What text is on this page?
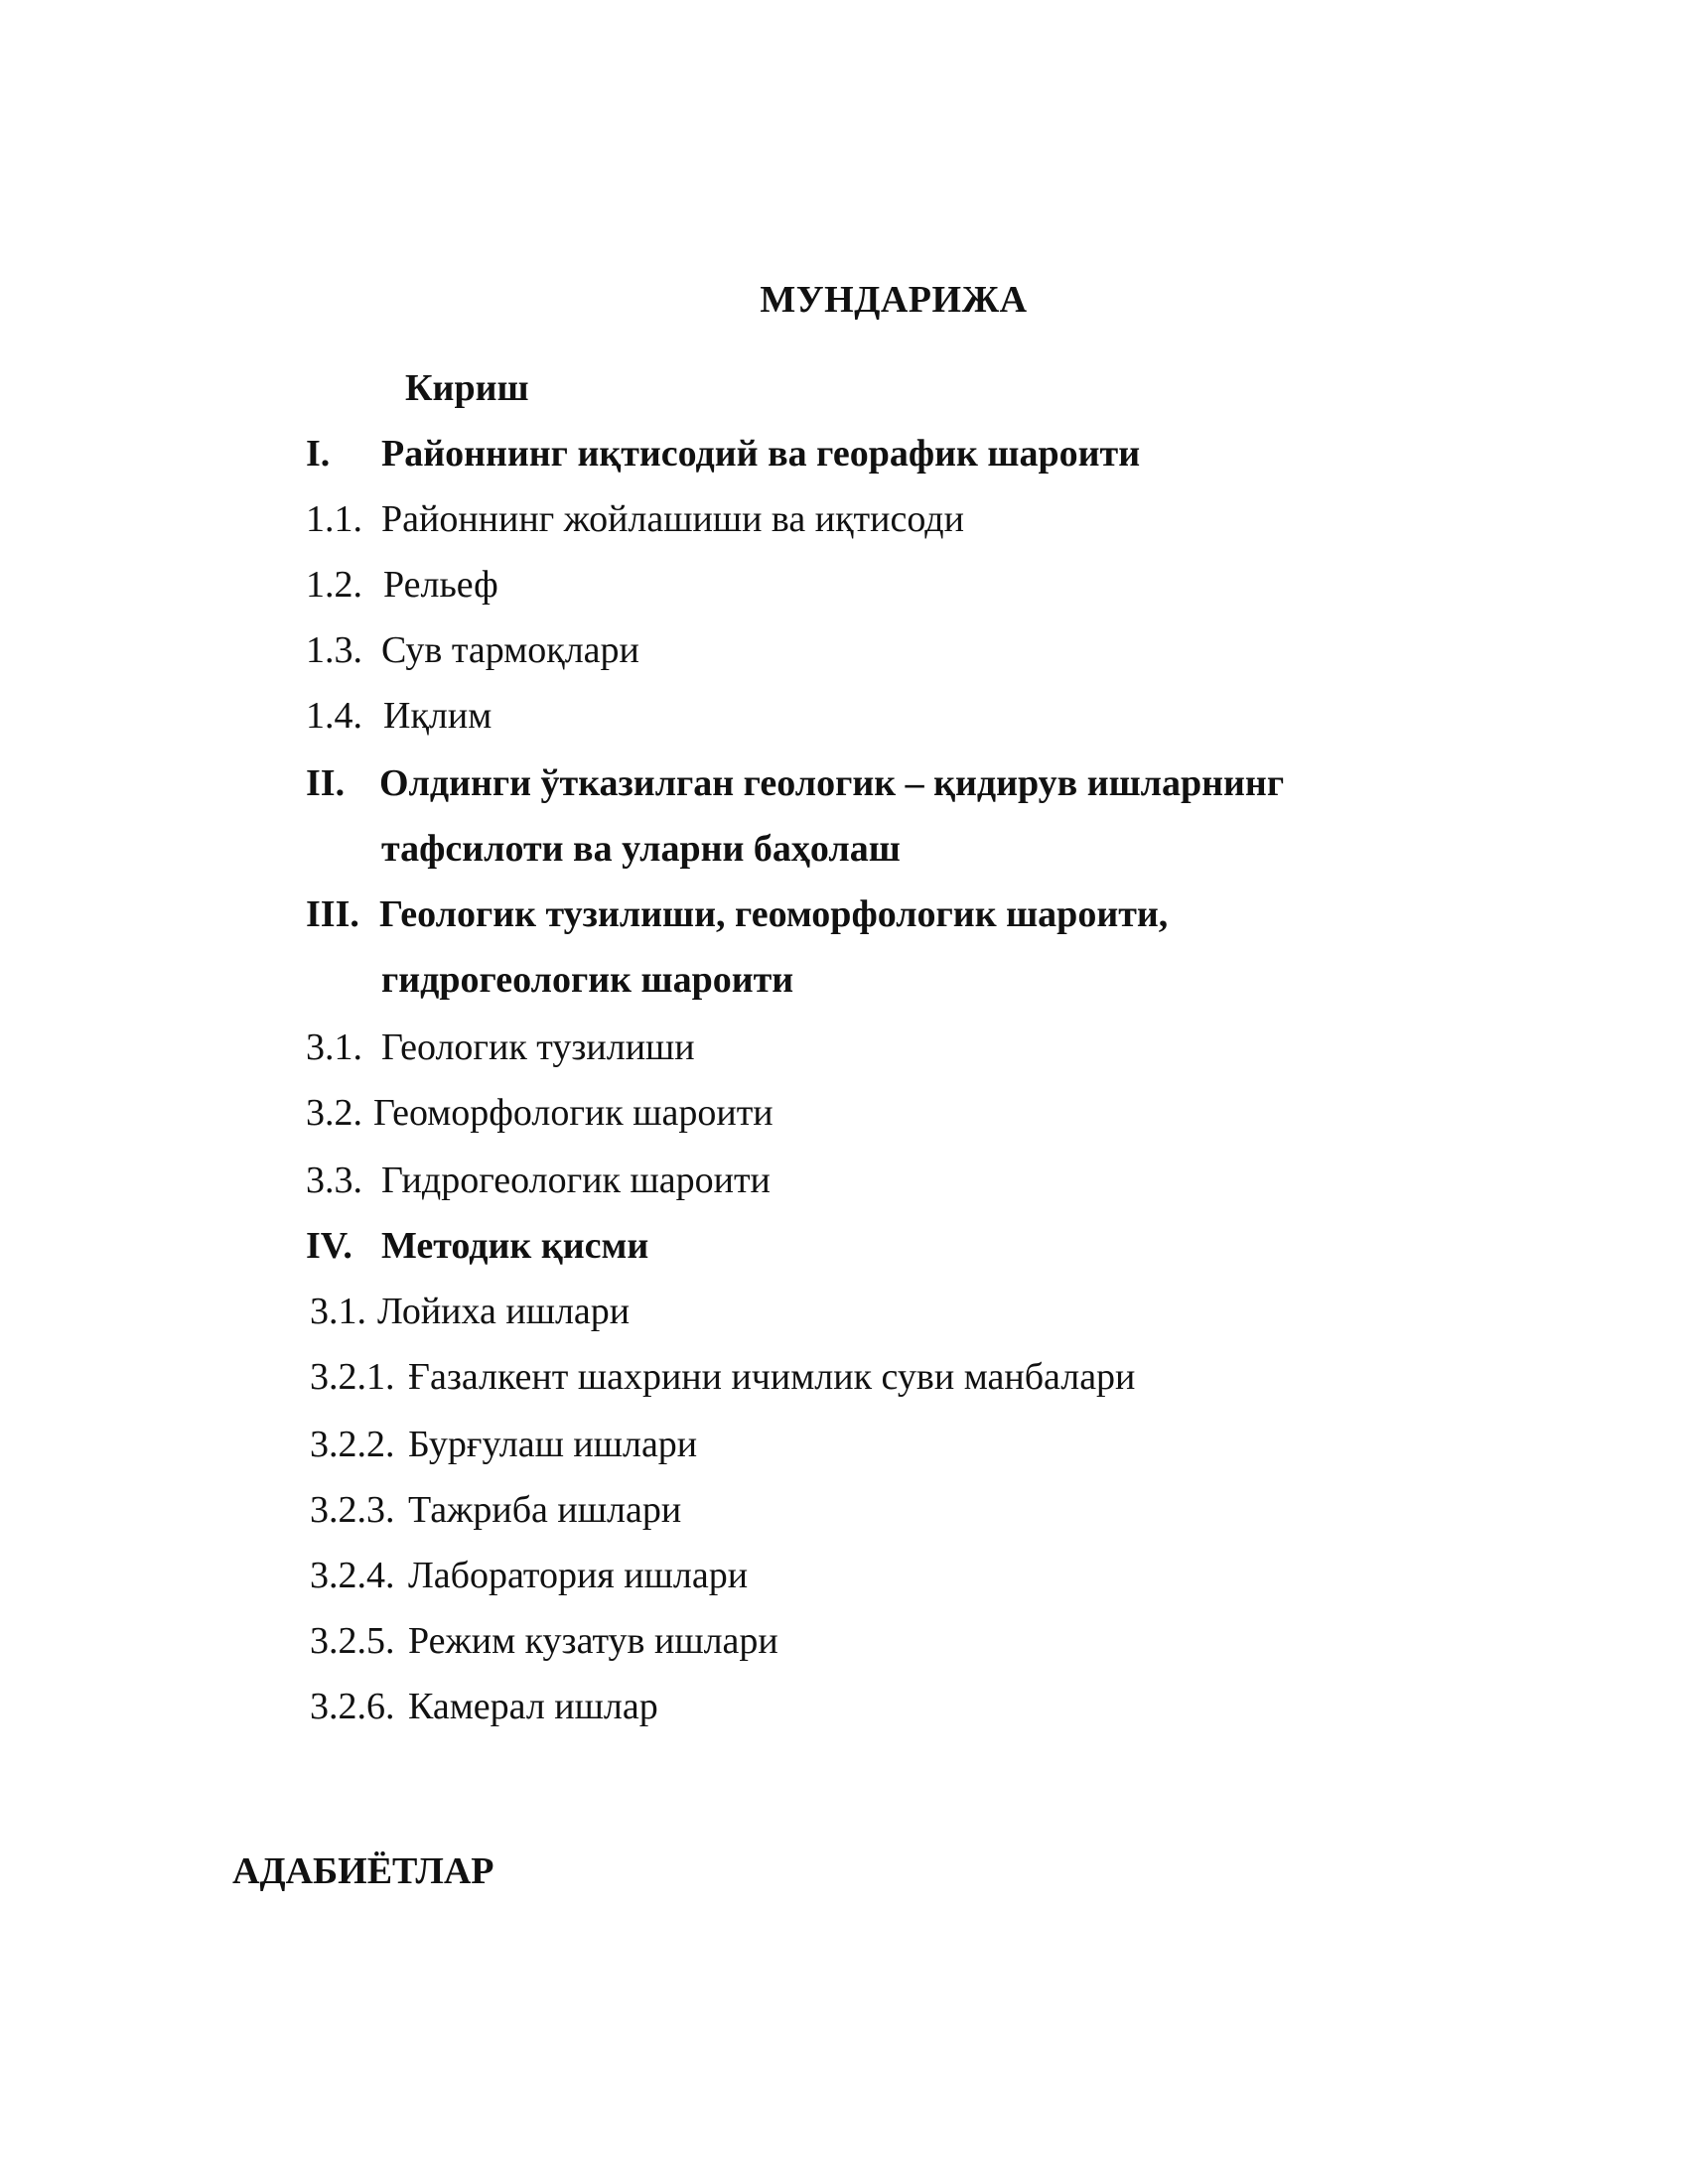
МУНДАРИЖА
Кириш
I. Районнинг иқтисодий ва георафик шароити
1.1. Районнинг жойлашиши ва иқтисоди
1.2. Рельеф
1.3. Сув тармоқлари
1.4. Иқлим
II. Олдинги ўтказилган геологик – қидирув ишларнинг
тафсилоти ва уларни баҳолаш
III. Геологик тузилиши, геоморфологик шароити,
гидрогеологик шароити
3.1. Геологик тузилиши
3.2. Геоморфологик шароити
3.3. Гидрогеологик шароити
IV. Методик қисми
3.1. Лойиха ишлари
3.2.1. Ғазалкент шахрини ичимлик суви манбалари
3.2.2. Бурғулаш ишлари
3.2.3. Тажриба ишлари
3.2.4. Лаборатория ишлари
3.2.5. Режим кузатув ишлари
3.2.6. Камерал ишлар
АДАБИЁТЛАР
